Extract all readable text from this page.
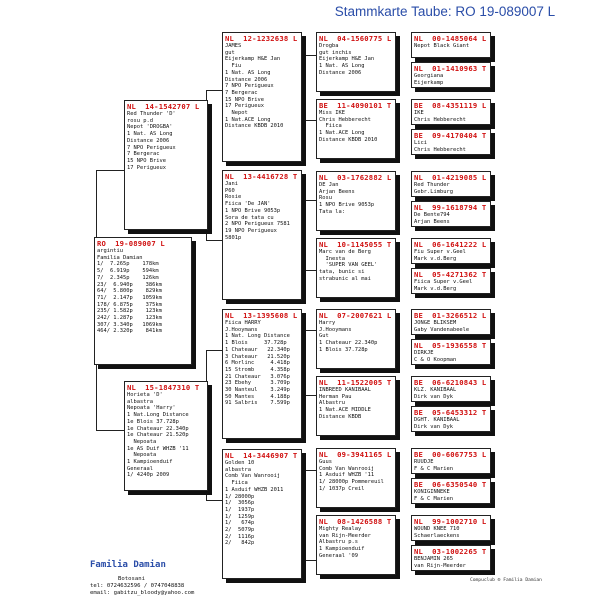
Stammkarte Taube: RO 19-089007 L
RO  19-089007 L
argintiu
Familia Damian
1/  7.265p    178km
5/  6.919p    594km
7/  2.345p    126km
23/  6.940p    386km
64/  5.800p    829km
71/  2.147p   1059km
178/ 6.875p    375km
235/ 1.582p    123km
242/ 1.287p    123km
307/ 3.340p   1069km
464/ 2.320p    841km
NL  14-1542707 L
Red Thunder 'D'
rosu p.d
Nepot 'DROGBA'
1 Nat. AS Long
Distance 2006
7 NPO Perigueux
7 Bergerac
15 NPO Brive
17 Perigueux
NL  15-1847310 T
Horieta 'D'
albastra
Nepoata 'Harry'
1 Nat.Long Distance
1e Blois 37.728p
1e Chateaur 22.340p
1e Chateaur 21.520p
Nepoata
1e AS Duif WHZB '11
Nepoata
1 Kampioenduif
Generaal
1/ 4240p 2009
NL  12-1232638 L
JAMES
gut
Eijerkamp H&E Jan
Fiu
1 Nat. AS Long
Distance 2006
7 NPO Perigueux
7 Bergerac
15 NPO Brive
17 Perigueux
Nepot
1 Nat.ACE Long
Distance KBDB 2010
NL  13-4416728 T
Jani
P60
Rosie
Fiica 'De JAN'
1 NPO Brive 9053p
Sora de tata cu
2 NPO Perigueux 7581
19 NPO Perigueux
5801p
NL  13-1395608 L
Fiica HARRY
J.Hooymans
1 Nat. Long Distance
1 Blois     37.728p
1 Chateaur   22.340p
3 Chateaur   21.520p
6 Morlinc     4.418p
15 Stromb     4.358p
21 Chateaur   3.076p
23 Ebehy      3.709p
30 Nanteul    3.249p
50 Mantes     4.188p
91 Salbris    7.599p
NL  14-3446907 T
Golden 10
albastra
Comb Van Wanrooij
Fiica
1 Asduif WHZB 2011
1/ 28000p
1/  3056p
1/  1937p
1/  1259p
1/   674p
2/  5079p
2/  1116p
2/   842p
NL  04-1560775 L
Drogba
gut inchis
Eijerkamp H&E Jan
1 Nat. AS Long
Distance 2006
BE  11-4090101 T
Miss IKE
Chris Hebberecht
Fiica
1 Nat.ACE Long
Distance KBDB 2010
NL  03-1762882 L
DE Jan
Arjan Beens
Rosu
1 NPO Brive 9053p
Tata la:
NL  10-1145055 T
Marc van de Berg
Inesta
'SUPER VAN GEEL'
tata, bunic si
strabunic al mai
NL  07-2007621 L
Harry
J.Hooymans
Gut
1 Chateaur 22.340p
1 Blois 37.728p
NL  11-1522005 T
INBREED KANIBAAL
Herman Pau
Albastru
1 Nat.ACE MIDDLE
Distance KBDB
NL  09-3941165 L
Guus
Comb Van Wanrooij
1 Asduif WHZB '11
1/ 28000p Pommereuil
1/ 1037p Creil
NL  08-1426588 T
Mighty Realay
van Rijn-Meerder
Albastru p.s
1 Kampioenduif
Generaal '09
NL  00-1485064 L
Nepot Black Giant
NL  01-1410963 T
Georgiana
Eijerkamp
BE  08-4351119 L
IKE
Chris Hebberecht
BE  09-4170404 T
Lici
Chris Hebberecht
NL  01-4219085 L
Red Thunder
Gebr.Limburg
NL  99-1618794 T
De Bente794
Arjan Beens
NL  06-1641222 L
Fiu Super v.Geel
Mark v.d.Berg
NL  05-4271362 T
Fiica Super v.Geel
Mark v.d.Berg
BE  01-3266512 L
JONGE BLIKSEM
Gaby Vandenabeele
NL  05-1936558 T
DIRKJE
C & O Koopman
BE  06-6210843 L
KLZ. KANIBAAL
Dirk van Dyk
BE  05-6453312 T
DGHT. KANIBAAL
Dirk van Dyk
BE  00-6067753 L
RUUDJE
F & C Marien
BE  06-6350540 T
KONIGINNEKE
F & C Marien
NL  99-1002710 L
WOUND KNEE 710
Schaerlaeckens
NL  03-1002265 T
BENJAMIN 265
van Rijn-Meerder
Familia Damian
Botosani
tel: 0724632596 / 0747048838
email: gabitzu_bloody@yahoo.com
Compuclub ® Familia Damian
